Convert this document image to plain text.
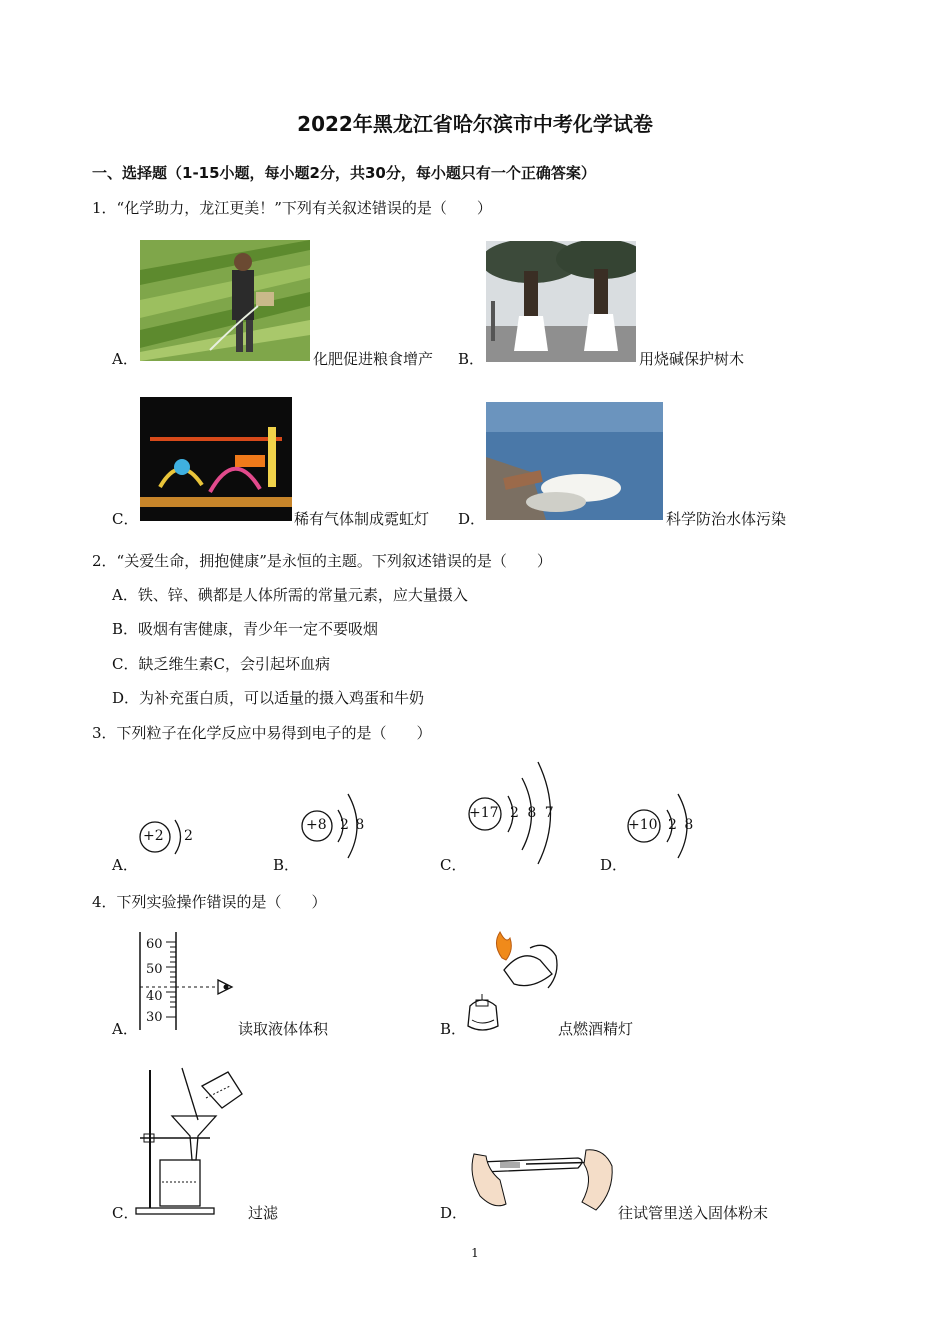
2022年黑龙江省哈尔滨市中考化学试卷
一、选择题（1-15小题，每小题2分，共30分，每小题只有一个正确答案）
1．“化学助力，龙江更美！”下列有关叙述错误的是（　　）
A．	化肥促进粮食增产 B．	用烧碱保护树木
C．	稀有气体制成霓虹灯 D．	科学防治水体污染
2．“关爱生命，拥抱健康”是永恒的主题。下列叙述错误的是（　　）
A．铁、锌、碘都是人体所需的常量元素，应大量摄入
B．吸烟有害健康，青少年一定不要吸烟
C．缺乏维生素C，会引起坏血病
D．为补充蛋白质，可以适量的摄入鸡蛋和牛奶
3．下列粒子在化学反应中易得到电子的是（　　）
A．
+2 2
B．
+8 2 8
C．
+17 2 8 7
D．
+10 2 8
4．下列实验操作错误的是（　　）
A．
60
50
40
30
读取液体体积	B．	点燃酒精灯
C．	过滤	D．	往试管里送入固体粉末
1
